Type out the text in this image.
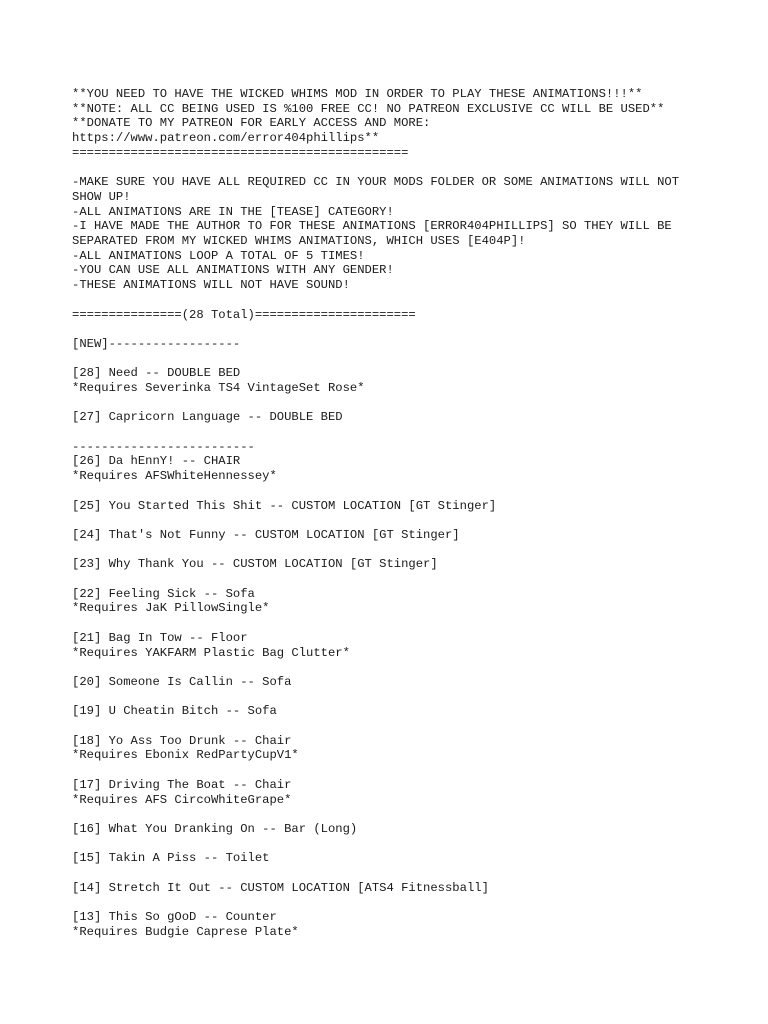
**YOU NEED TO HAVE THE WICKED WHIMS MOD IN ORDER TO PLAY THESE ANIMATIONS!!!**
**NOTE: ALL CC BEING USED IS %100 FREE CC! NO PATREON EXCLUSIVE CC WILL BE USED**
**DONATE TO MY PATREON FOR EARLY ACCESS AND MORE:
https://www.patreon.com/error404phillips**
==============================================
-MAKE SURE YOU HAVE ALL REQUIRED CC IN YOUR MODS FOLDER OR SOME ANIMATIONS WILL NOT
SHOW UP!
-ALL ANIMATIONS ARE IN THE [TEASE] CATEGORY!
-I HAVE MADE THE AUTHOR TO FOR THESE ANIMATIONS [ERROR404PHILLIPS] SO THEY WILL BE
SEPARATED FROM MY WICKED WHIMS ANIMATIONS, WHICH USES [E404P]!
-ALL ANIMATIONS LOOP A TOTAL OF 5 TIMES!
-YOU CAN USE ALL ANIMATIONS WITH ANY GENDER!
-THESE ANIMATIONS WILL NOT HAVE SOUND!
===============(28 Total)======================
[NEW]------------------
[28] Need -- DOUBLE BED
*Requires Severinka TS4 VintageSet Rose*
[27] Capricorn Language -- DOUBLE BED
-------------------------
[26] Da hEnnY! -- CHAIR
*Requires AFSWhiteHennessey*
[25] You Started This Shit -- CUSTOM LOCATION [GT Stinger]
[24] That's Not Funny -- CUSTOM LOCATION [GT Stinger]
[23] Why Thank You -- CUSTOM LOCATION [GT Stinger]
[22] Feeling Sick -- Sofa
*Requires JaK PillowSingle*
[21] Bag In Tow -- Floor
*Requires YAKFARM Plastic Bag Clutter*
[20] Someone Is Callin -- Sofa
[19] U Cheatin Bitch -- Sofa
[18] Yo Ass Too Drunk -- Chair
*Requires Ebonix RedPartyCupV1*
[17] Driving The Boat -- Chair
*Requires AFS CircoWhiteGrape*
[16] What You Dranking On -- Bar (Long)
[15] Takin A Piss -- Toilet
[14] Stretch It Out -- CUSTOM LOCATION [ATS4 Fitnessball]
[13] This So gOoD -- Counter
*Requires Budgie Caprese Plate*
